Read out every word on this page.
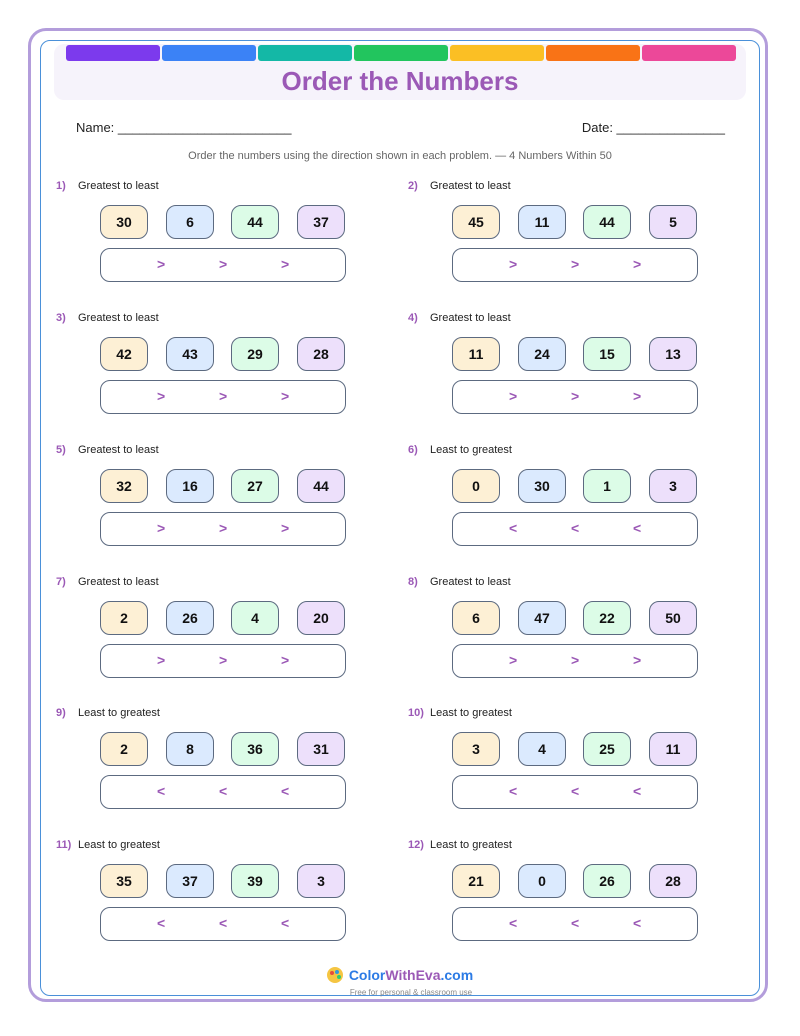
Order the Numbers
Name: ________________________	Date: _______________
Order the numbers using the direction shown in each problem. — 4 Numbers Within 50
1) Greatest to least
30	6	44	37
>	>	>
2) Greatest to least
45	11	44	5
>	>	>
3) Greatest to least
42	43	29	28
>	>	>
4) Greatest to least
11	24	15	13
>	>	>
5) Greatest to least
32	16	27	44
>	>	>
6) Least to greatest
0	30	1	3
<	<	<
7) Greatest to least
2	26	4	20
>	>	>
8) Greatest to least
6	47	22	50
>	>	>
9) Least to greatest
2	8	36	31
<	<	<
10) Least to greatest
3	4	25	11
<	<	<
11) Least to greatest
35	37	39	3
<	<	<
12) Least to greatest
21	0	26	28
<	<	<
ColorWithEva.com
Free for personal & classroom use
